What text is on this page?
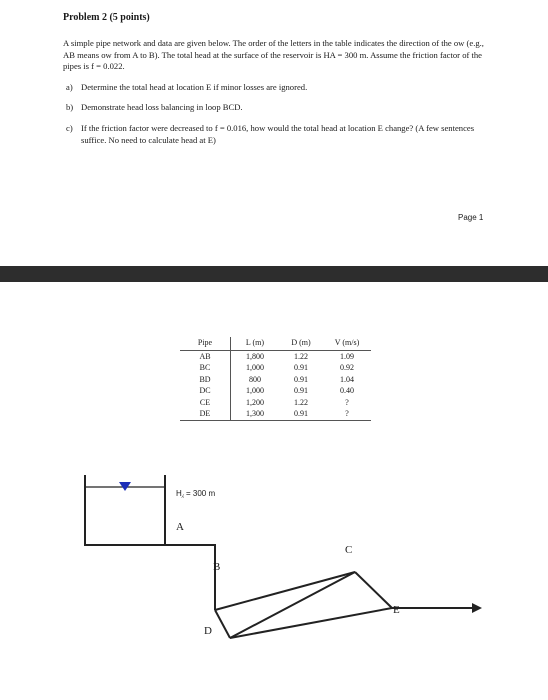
Problem 2 (5 points)
A simple pipe network and data are given below. The order of the letters in the table indicates the direction of the ow (e.g., AB means ow from A to B). The total head at the surface of the reservoir is HA = 300 m. Assume the friction factor of the pipes is f = 0.022.
a) Determine the total head at location E if minor losses are ignored.
b) Demonstrate head loss balancing in loop BCD.
c) If the friction factor were decreased to f = 0.016, how would the total head at location E change? (A few sentences suffice. No need to calculate head at E)
Page 1
Pipe	L (m)	D (m)	V (m/s)
AB	1,800	1.22	1.09
BC	1,000	0.91	0.92
BD	800	0.91	1.04
DC	1,000	0.91	0.40
CE	1,200	1.22	?
DE	1,300	0.91	?
H⁁ = 300 m
A
B
C
D
E
